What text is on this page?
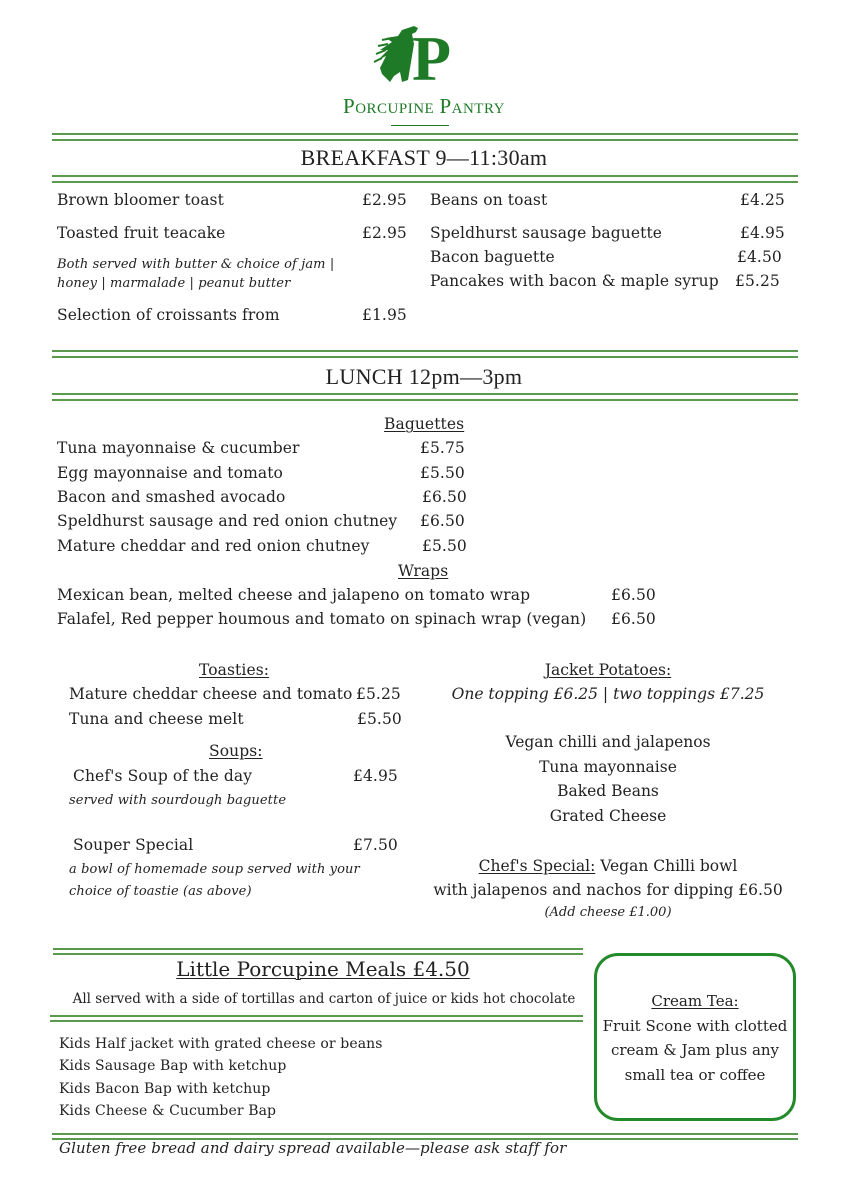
P
Porcupine Pantry
BREAKFAST 9—11:30am
Brown bloomer toast	£2.95
Toasted fruit teacake	£2.95
Both served with butter & choice of jam |
honey | marmalade | peanut butter
Selection of croissants from	£1.95
Beans on toast	£4.25
Speldhurst sausage baguette	£4.95
Bacon baguette	£4.50
Pancakes with bacon & maple syrup £5.25
LUNCH 12pm—3pm
Baguettes
Tuna mayonnaise & cucumber	£5.75
Egg mayonnaise and tomato	£5.50
Bacon and smashed avocado	£6.50
Speldhurst sausage and red onion chutney £6.50
Mature cheddar and red onion chutney	£5.50
Wraps
Mexican bean, melted cheese and jalapeno on tomato wrap	£6.50
Falafel, Red pepper houmous and tomato on spinach wrap (vegan) £6.50
Toasties:
Mature cheddar cheese and tomato £5.25
Tuna and cheese melt	£5.50
Soups:
Chef's Soup of the day	£4.95
served with sourdough baguette
Souper Special	£7.50
a bowl of homemade soup served with your
choice of toastie (as above)
Jacket Potatoes:
One topping £6.25 | two toppings £7.25
Vegan chilli and jalapenos
Tuna mayonnaise
Baked Beans
Grated Cheese
Chef's Special: Vegan Chilli bowl
with jalapenos and nachos for dipping £6.50
(Add cheese £1.00)
Little Porcupine Meals £4.50
All served with a side of tortillas and carton of juice or kids hot chocolate
Kids Half jacket with grated cheese or beans
Kids Sausage Bap with ketchup
Kids Bacon Bap with ketchup
Kids Cheese & Cucumber Bap
Cream Tea:
Fruit Scone with clotted
cream & Jam plus any
small tea or coffee
Gluten free bread and dairy spread available—please ask staff for
